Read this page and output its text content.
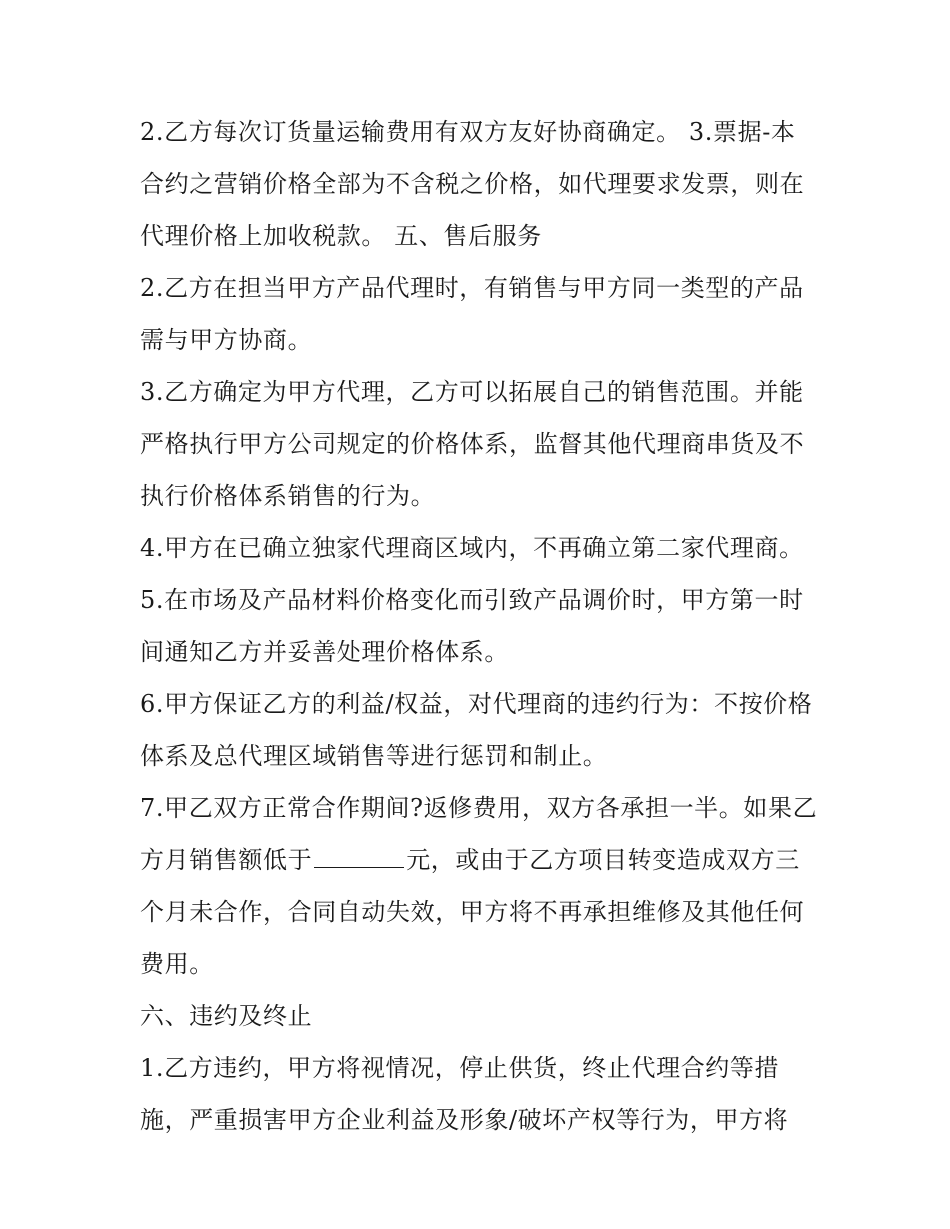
2.乙方每次订货量运输费用有双方友好协商确定。 3.票据-本合约之营销价格全部为不含税之价格，如代理要求发票，则在代理价格上加收税款。 五、售后服务

2.乙方在担当甲方产品代理时，有销售与甲方同一类型的产品需与甲方协商。

3.乙方确定为甲方代理，乙方可以拓展自己的销售范围。并能严格执行甲方公司规定的价格体系，监督其他代理商串货及不执行价格体系销售的行为。

4.甲方在已确立独家代理商区域内，不再确立第二家代理商。

5.在市场及产品材料价格变化而引致产品调价时，甲方第一时间通知乙方并妥善处理价格体系。

6.甲方保证乙方的利益/权益，对代理商的违约行为：不按价格体系及总代理区域销售等进行惩罚和制止。

7.甲乙双方正常合作期间?返修费用，双方各承担一半。如果乙方月销售额低于	元，或由于乙方项目转变造成双方三个月未合作，合同自动失效，甲方将不再承担维修及其他任何费用。

六、违约及终止

1.乙方违约，甲方将视情况，停止供货，终止代理合约等措施，严重损害甲方企业利益及形象/破坏产权等行为，甲方将
